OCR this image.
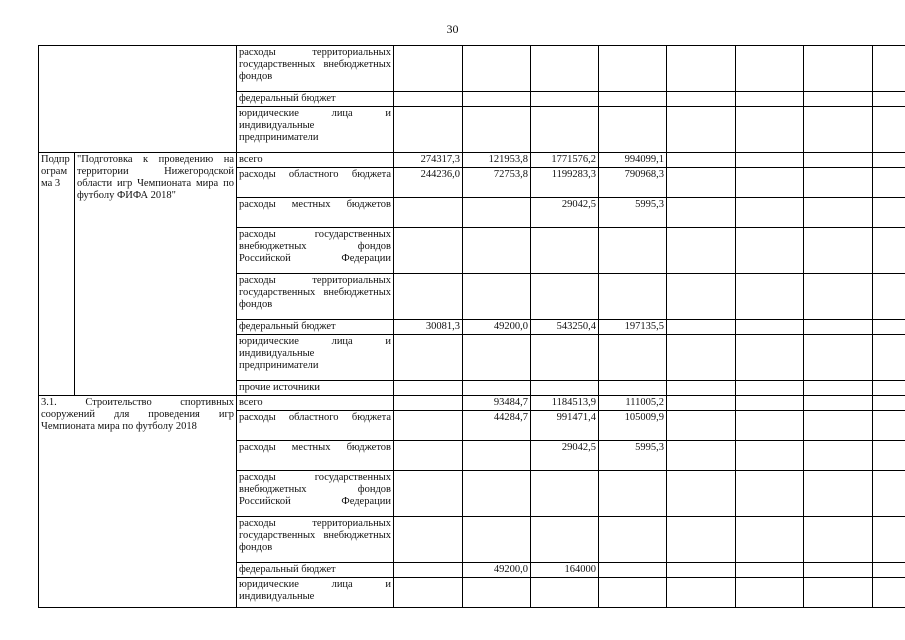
30
		расходы территориальных государственных внебюджетных фондов								
		федеральный бюджет								
		юридические лица и индивидуальные предприниматели								
Подпрограмма 3	"Подготовка к проведению на территории Нижегородской области игр Чемпионата мира по футболу ФИФА 2018"	всего	274317,3	121953,8	1771576,2	994099,1				
		расходы областного бюджета	244236,0	72753,8	1199283,3	790968,3				
		расходы местных бюджетов			29042,5	5995,3				
		расходы государственных внебюджетных фондов Российской Федерации								
		расходы территориальных государственных внебюджетных фондов								
		федеральный бюджет	30081,3	49200,0	543250,4	197135,5				
		юридические лица и индивидуальные предприниматели								
		прочие источники								
3.1. Строительство спортивных сооружений для проведения игр Чемпионата мира по футболу 2018		всего		93484,7	1184513,9	111005,2				
		расходы областного бюджета		44284,7	991471,4	105009,9				
		расходы местных бюджетов			29042,5	5995,3				
		расходы государственных внебюджетных фондов Российской Федерации								
		расходы территориальных государственных внебюджетных фондов								
		федеральный бюджет		49200,0	164000					
		юридические лица и индивидуальные								
